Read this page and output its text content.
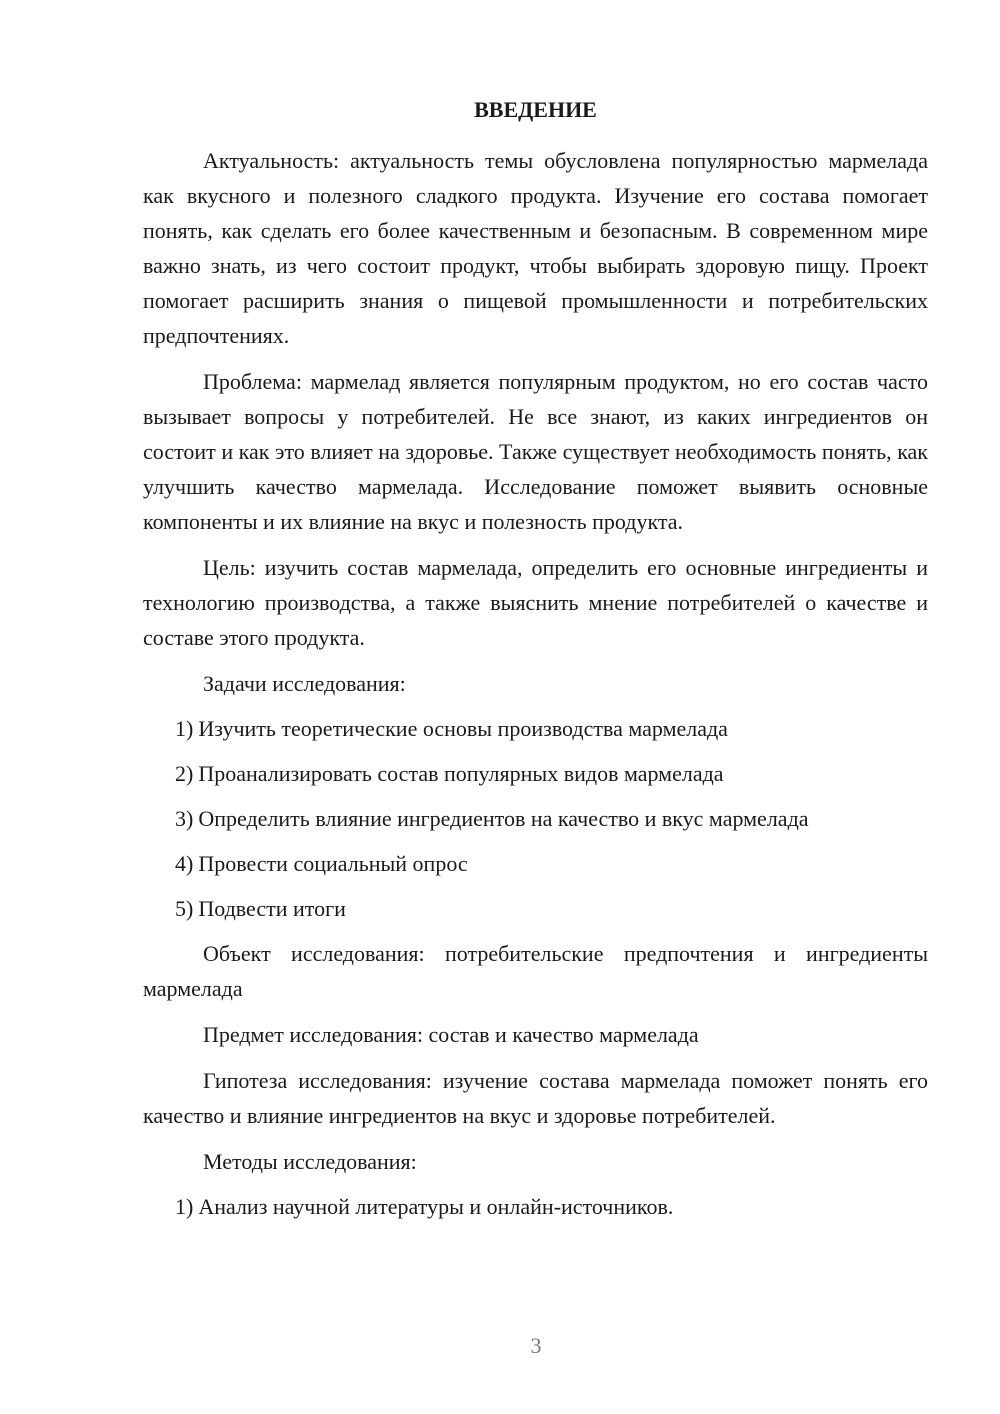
ВВЕДЕНИЕ

Актуальность: актуальность темы обусловлена популярностью мармелада как вкусного и полезного сладкого продукта. Изучение его состава помогает понять, как сделать его более качественным и безопасным. В современном мире важно знать, из чего состоит продукт, чтобы выбирать здоровую пищу. Проект помогает расширить знания о пищевой промышленности и потребительских предпочтениях.

Проблема: мармелад является популярным продуктом, но его состав часто вызывает вопросы у потребителей. Не все знают, из каких ингредиентов он состоит и как это влияет на здоровье. Также существует необходимость понять, как улучшить качество мармелада. Исследование поможет выявить основные компоненты и их влияние на вкус и полезность продукта.

Цель: изучить состав мармелада, определить его основные ингредиенты и технологию производства, а также выяснить мнение потребителей о качестве и составе этого продукта.

Задачи исследования:

1) Изучить теоретические основы производства мармелада
2) Проанализировать состав популярных видов мармелада
3) Определить влияние ингредиентов на качество и вкус мармелада
4) Провести социальный опрос
5) Подвести итоги

Объект исследования: потребительские предпочтения и ингредиенты мармелада

Предмет исследования: состав и качество мармелада

Гипотеза исследования: изучение состава мармелада поможет понять его качество и влияние ингредиентов на вкус и здоровье потребителей.

Методы исследования:

1) Анализ научной литературы и онлайн-источников.
3
